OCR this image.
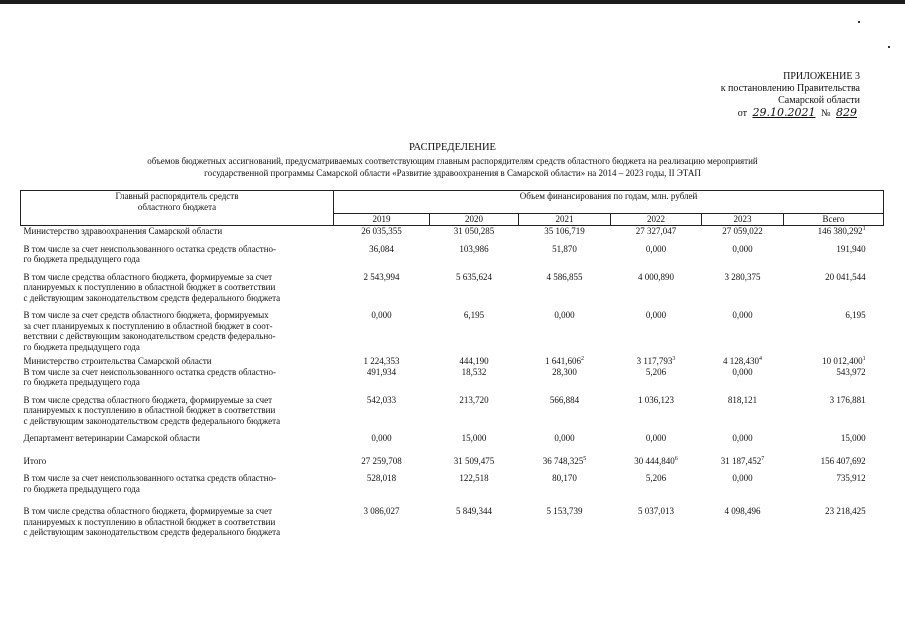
ПРИЛОЖЕНИЕ 3
к постановлению Правительства
Самарской области
от 29.10.2021 № 829
РАСПРЕДЕЛЕНИЕ
объемов бюджетных ассигнований, предусматриваемых соответствующим главным распорядителям средств областного бюджета на реализацию мероприятий
государственной программы Самарской области «Развитие здравоохранения в Самарской области» на 2014 – 2023 годы, II ЭТАП
Главный распорядитель средств
областного бюджета	Объем финансирования по годам, млн. рублей					
	2019	2020	2021	2022	2023	Всего
Министерство здравоохранения Самарской области	26 035,355	31 050,285	35 106,719	27 327,047	27 059,022	146 380,292$^1$

В том числе за счет неиспользованного остатка средств областно-
го бюджета предыдущего года	36,084	103,986	51,870	0,000	0,000	191,940

В том числе средства областного бюджета, формируемые за счет
планируемых к поступлению в областной бюджет в соответствии
с действующим законодательством средств федерального бюджета	2 543,994	5 635,624	4 586,855	4 000,890	3 280,375	20 041,544

В том числе за счет средств областного бюджета, формируемых
за счет планируемых к поступлению в областной бюджет в соот-
ветствии с действующим законодательством средств федерально-
го бюджета предыдущего года	0,000	6,195	0,000	0,000	0,000	6,195

Министерство строительства Самарской области	1 224,353	444,190	1 641,606$^2$	3 117,793$^3$	4 128,430$^4$	10 012,400$^1$
В том числе за счет неиспользованного остатка средств областно-
го бюджета предыдущего года	491,934	18,532	28,300	5,206	0,000	543,972

В том числе средства областного бюджета, формируемые за счет
планируемых к поступлению в областной бюджет в соответствии
с действующим законодательством средств федерального бюджета	542,033	213,720	566,884	1 036,123	818,121	3 176,881

Департамент ветеринарии Самарской области	0,000	15,000	0,000	0,000	0,000	15,000

Итого	27 259,708	31 509,475	36 748,325$^5$	30 444,840$^6$	31 187,452$^7$	156 407,692

В том числе за счет неиспользованного остатка средств областно-
го бюджета предыдущего года	528,018	122,518	80,170	5,206	0,000	735,912

В том числе средства областного бюджета, формируемые за счет
планируемых к поступлению в областной бюджет в соответствии
с действующим законодательством средств федерального бюджета	3 086,027	5 849,344	5 153,739	5 037,013	4 098,496	23 218,425
